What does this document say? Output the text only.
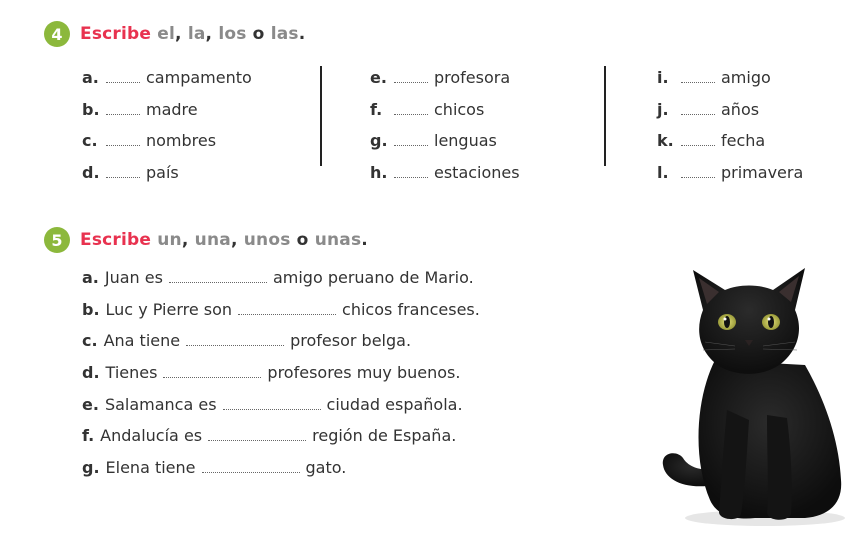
4	Escribe el, la, los o las.
a.	campamento
b.	madre
c.	nombres
d.	país
e.	profesora
f.	chicos
g.	lenguas
h.	estaciones
i.	amigo
j.	años
k.	fecha
l.	primavera
5	Escribe un, una, unos o unas.
a. Juan es	amigo peruano de Mario.
b. Luc y Pierre son	chicos franceses.
c. Ana tiene	profesor belga.
d. Tienes	profesores muy buenos.
e. Salamanca es	ciudad española.
f. Andalucía es	región de España.
g. Elena tiene	gato.
